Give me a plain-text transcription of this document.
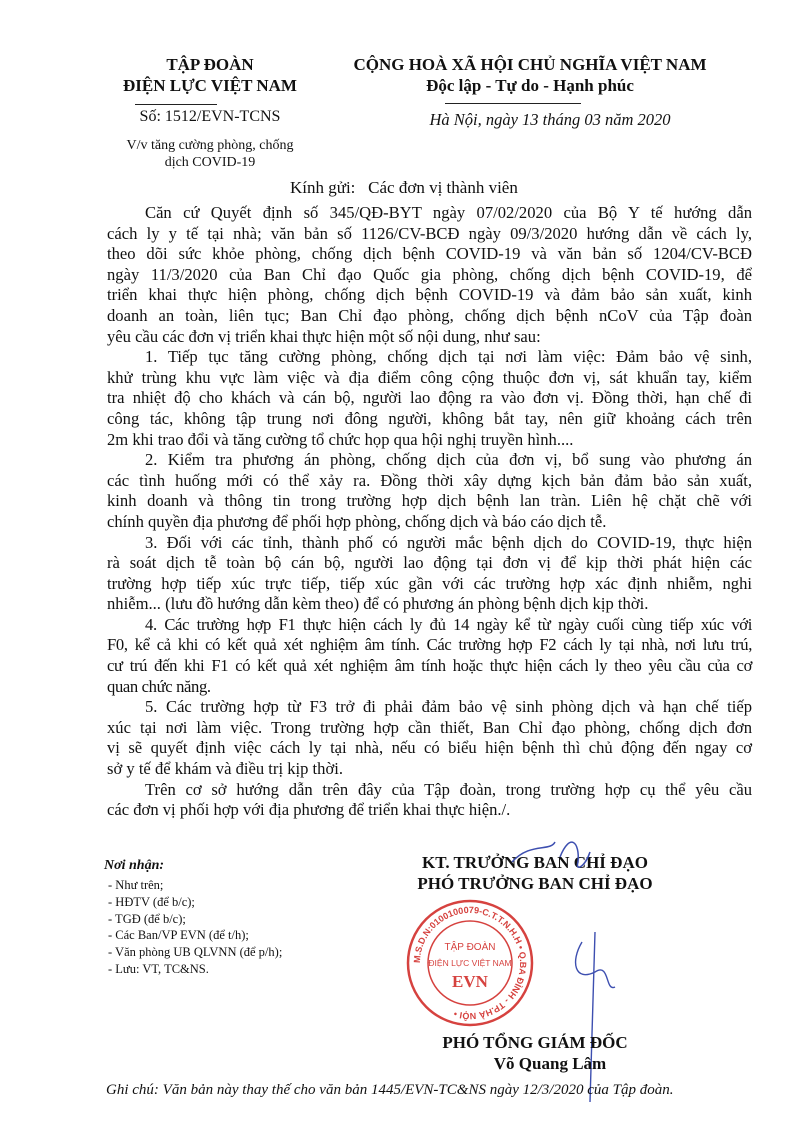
TẬP ĐOÀN
ĐIỆN LỰC VIỆT NAM
Số: 1512/EVN-TCNS
V/v tăng cường phòng, chống
dịch COVID-19
CỘNG HOÀ XÃ HỘI CHỦ NGHĨA VIỆT NAM
Độc lập - Tự do - Hạnh phúc
Hà Nội, ngày 13 tháng 03 năm 2020
Kính gửi:   Các đơn vị thành viên
Căn cứ Quyết định số 345/QĐ-BYT ngày 07/02/2020 của Bộ Y tế hướng dẫn
cách ly y tế tại nhà; văn bản số 1126/CV-BCĐ ngày 09/3/2020 hướng dẫn về cách ly,
theo dõi sức khỏe phòng, chống dịch bệnh COVID-19 và văn bản số 1204/CV-BCĐ
ngày 11/3/2020 của Ban Chỉ đạo Quốc gia phòng, chống dịch bệnh COVID-19, để
triển khai thực hiện phòng, chống dịch bệnh COVID-19 và đảm bảo sản xuất, kinh
doanh an toàn, liên tục; Ban Chỉ đạo phòng, chống dịch bệnh nCoV của Tập đoàn
yêu cầu các đơn vị triển khai thực hiện một số nội dung, như sau:
1. Tiếp tục tăng cường phòng, chống dịch tại nơi làm việc: Đảm bảo vệ sinh,
khử trùng khu vực làm việc và địa điểm công cộng thuộc đơn vị, sát khuẩn tay, kiểm
tra nhiệt độ cho khách và cán bộ, người lao động ra vào đơn vị. Đồng thời, hạn chế đi
công tác, không tập trung nơi đông người, không bắt tay, nên giữ khoảng cách trên
2m khi trao đổi và tăng cường tổ chức họp qua hội nghị truyền hình....
2. Kiểm tra phương án phòng, chống dịch của đơn vị, bổ sung vào phương án
các tình huống mới có thể xảy ra. Đồng thời xây dựng kịch bản đảm bảo sản xuất,
kinh doanh và thông tin trong trường hợp dịch bệnh lan tràn. Liên hệ chặt chẽ với
chính quyền địa phương để phối hợp phòng, chống dịch và báo cáo dịch tễ.
3. Đối với các tỉnh, thành phố có người mắc bệnh dịch do COVID-19, thực hiện
rà soát dịch tễ toàn bộ cán bộ, người lao động tại đơn vị để kịp thời phát hiện các
trường hợp tiếp xúc trực tiếp, tiếp xúc gần với các trường hợp xác định nhiễm, nghi
nhiễm... (lưu đồ hướng dẫn kèm theo) để có phương án phòng bệnh dịch kịp thời.
4. Các trường hợp F1 thực hiện cách ly đủ 14 ngày kể từ ngày cuối cùng tiếp xúc với
F0, kể cả khi có kết quả xét nghiệm âm tính. Các trường hợp F2 cách ly tại nhà, nơi lưu trú,
cư trú đến khi F1 có kết quả xét nghiệm âm tính hoặc thực hiện cách ly theo yêu cầu của cơ
quan chức năng.
5. Các trường hợp từ F3 trở đi phải đảm bảo vệ sinh phòng dịch và hạn chế tiếp
xúc tại nơi làm việc. Trong trường hợp cần thiết, Ban Chỉ đạo phòng, chống dịch đơn
vị sẽ quyết định việc cách ly tại nhà, nếu có biểu hiện bệnh thì chủ động đến ngay cơ
sở y tế để khám và điều trị kịp thời.
Trên cơ sở hướng dẫn trên đây của Tập đoàn, trong trường hợp cụ thể yêu cầu
các đơn vị phối hợp với địa phương để triển khai thực hiện./.
Nơi nhận:
- Như trên;
- HĐTV (để b/c);
- TGĐ (để b/c);
- Các Ban/VP EVN (để t/h);
- Văn phòng UB QLVNN (để p/h);
- Lưu: VT, TC&NS.
KT. TRƯỞNG BAN CHỈ ĐẠO
PHÓ TRƯỞNG BAN CHỈ ĐẠO
M.S.D.N:0100100079-C.T.T.N.H.H • Q.BA ĐÌNH - TP.HÀ NỘI •
TẬP ĐOÀN
ĐIỆN LỰC VIỆT NAM
EVN
PHÓ TỔNG GIÁM ĐỐC
Võ Quang Lâm
Ghi chú: Văn bản này thay thế cho văn bản 1445/EVN-TC&NS ngày 12/3/2020 của Tập đoàn.
